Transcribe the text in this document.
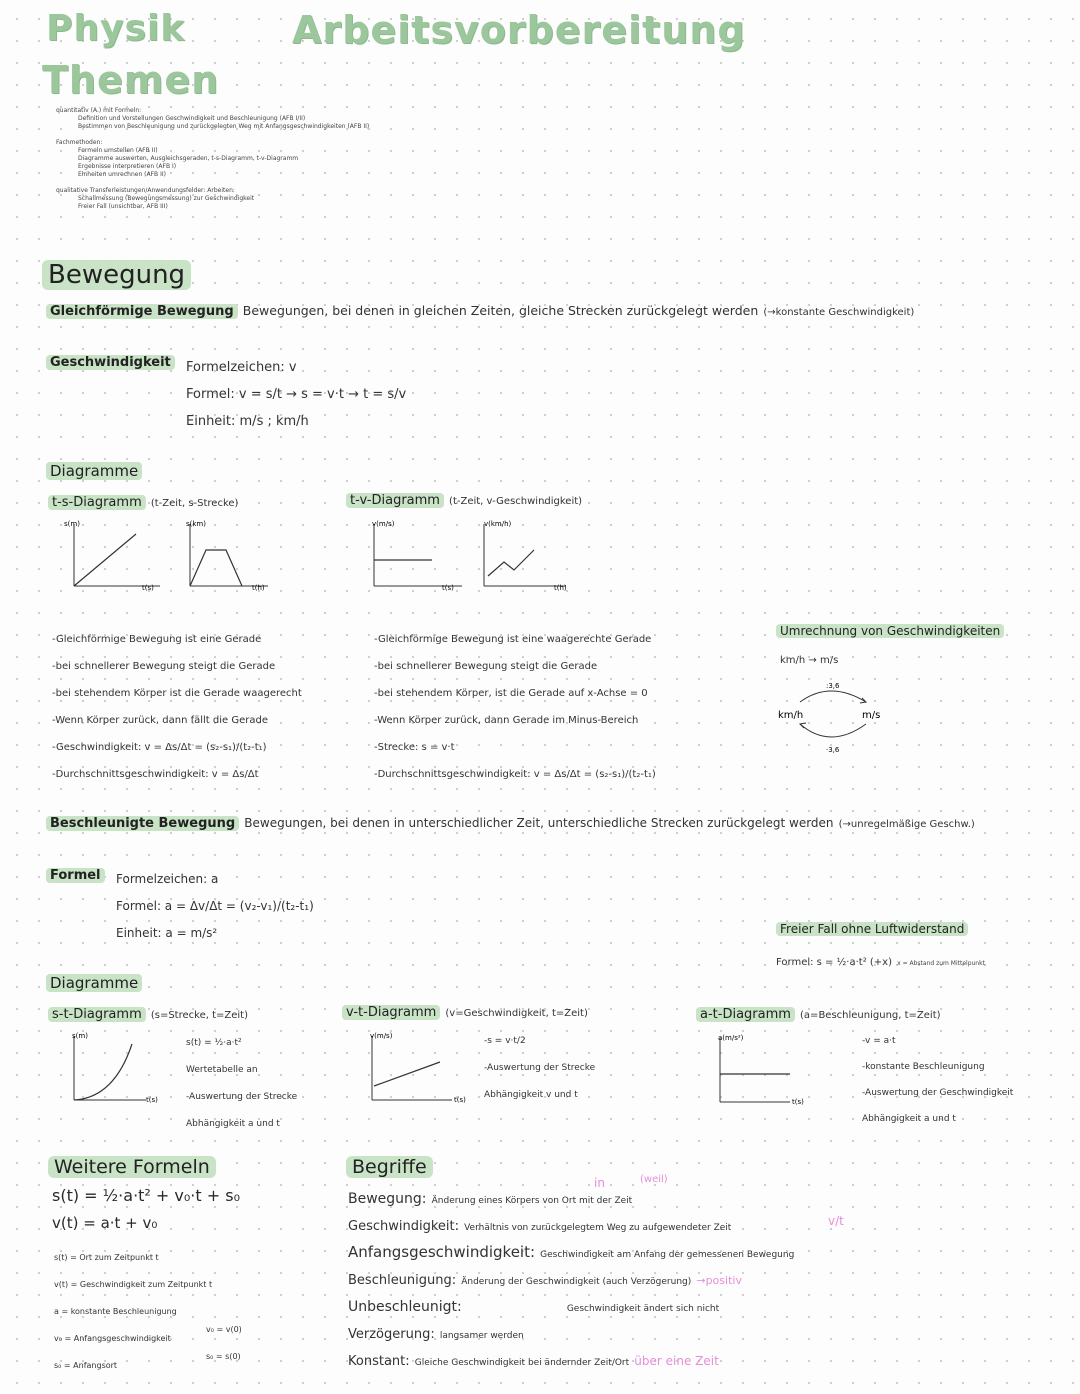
Physik
Themen
Arbeitsvorbereitung
quantitativ (A.) mit Formeln:
Definition und Vorstellungen Geschwindigkeit und Beschleunigung (AFB I/II)
Bestimmen von Beschleunigung und zurückgelegten Weg mit Anfangsgeschwindigkeiten (AFB II)
Fachmethoden:
Formeln umstellen (AFB II)
Diagramme auswerten, Ausgleichsgeraden, t-s-Diagramm, t-v-Diagramm
Ergebnisse interpretieren (AFB I)
Einheiten umrechnen (AFB II)
qualitative Transferleistungen/Anwendungsfelder: Arbeiten:
Schallmessung (Bewegungsmessung) zur Geschwindigkeit
Freier Fall (unsichtbar, AFB III)
Bewegung
Gleichförmige Bewegung Bewegungen, bei denen in gleichen Zeiten, gleiche Strecken zurückgelegt werden (→konstante Geschwindigkeit)
Geschwindigkeit	Formelzeichen: v
Formel: v = s/t → s = v·t → t = s/v
Einheit: m/s ; km/h
Diagramme
t-s-Diagramm (t-Zeit, s-Strecke)	t-v-Diagramm (t-Zeit, v-Geschwindigkeit)
s(m)
t(s)
s(km)
t(h)
v(m/s)
t(s)
v(km/h)
t(h)
-Gleichförmige Bewegung ist eine Gerade
-bei schnellerer Bewegung steigt die Gerade
-bei stehendem Körper ist die Gerade waagerecht
-Wenn Körper zurück, dann fällt die Gerade
-Geschwindigkeit: v = Δs/Δt = (s₂-s₁)/(t₂-t₁)
-Durchschnittsgeschwindigkeit: v = Δs/Δt
-Gleichförmige Bewegung ist eine waagerechte Gerade
-bei schnellerer Bewegung steigt die Gerade
-bei stehendem Körper, ist die Gerade auf x-Achse = 0
-Wenn Körper zurück, dann Gerade im Minus-Bereich
-Strecke: s = v·t
-Durchschnittsgeschwindigkeit: v = Δs/Δt = (s₂-s₁)/(t₂-t₁)
Umrechnung von Geschwindigkeiten
km/h → m/s
km/h	m/s
:3,6
·3,6
Beschleunigte Bewegung Bewegungen, bei denen in unterschiedlicher Zeit, unterschiedliche Strecken zurückgelegt werden (→unregelmäßige Geschw.)
Formel	Formelzeichen: a
Formel: a = Δv/Δt = (v₂-v₁)/(t₂-t₁)
Einheit: a = m/s²	Freier Fall ohne Luftwiderstand
Formel: s = ½·a·t² (+x) x = Abstand zum Mittelpunkt
Diagramme
s-t-Diagramm (s=Strecke, t=Zeit)	v-t-Diagramm (v=Geschwindigkeit, t=Zeit)	a-t-Diagramm (a=Beschleunigung, t=Zeit)
s(m)
t(s)
s(t) = ½·a·t²
Wertetabelle an
-Auswertung der Strecke
Abhängigkeit a und t
v(m/s)
t(s)
-s = v·t/2
-Auswertung der Strecke
Abhängigkeit v und t
a(m/s²)
t(s)
-v = a·t
-konstante Beschleunigung
-Auswertung der Geschwindigkeit
Abhängigkeit a und t
Weitere Formeln
s(t) = ½·a·t² + v₀·t + s₀
v(t) = a·t + v₀
s(t) = Ort zum Zeitpunkt t
v(t) = Geschwindigkeit zum Zeitpunkt t
a = konstante Beschleunigung
v₀ = Anfangsgeschwindigkeit
s₀ = Anfangsort
v₀ = v(0)
s₀ = s(0)
Begriffe
Bewegung: Änderung eines Körpers von Ort mit der Zeit
Geschwindigkeit: Verhältnis von zurückgelegtem Weg zu aufgewendeter Zeit
Anfangsgeschwindigkeit: Geschwindigkeit am Anfang der gemessenen Bewegung
Beschleunigung: Änderung der Geschwindigkeit (auch Verzögerung) →positiv
Unbeschleunigt:	Geschwindigkeit ändert sich nicht
Verzögerung: langsamer werden
Konstant: Gleiche Geschwindigkeit bei ändernder Zeit/Ort über eine Zeit
in	(weil)
v/t
